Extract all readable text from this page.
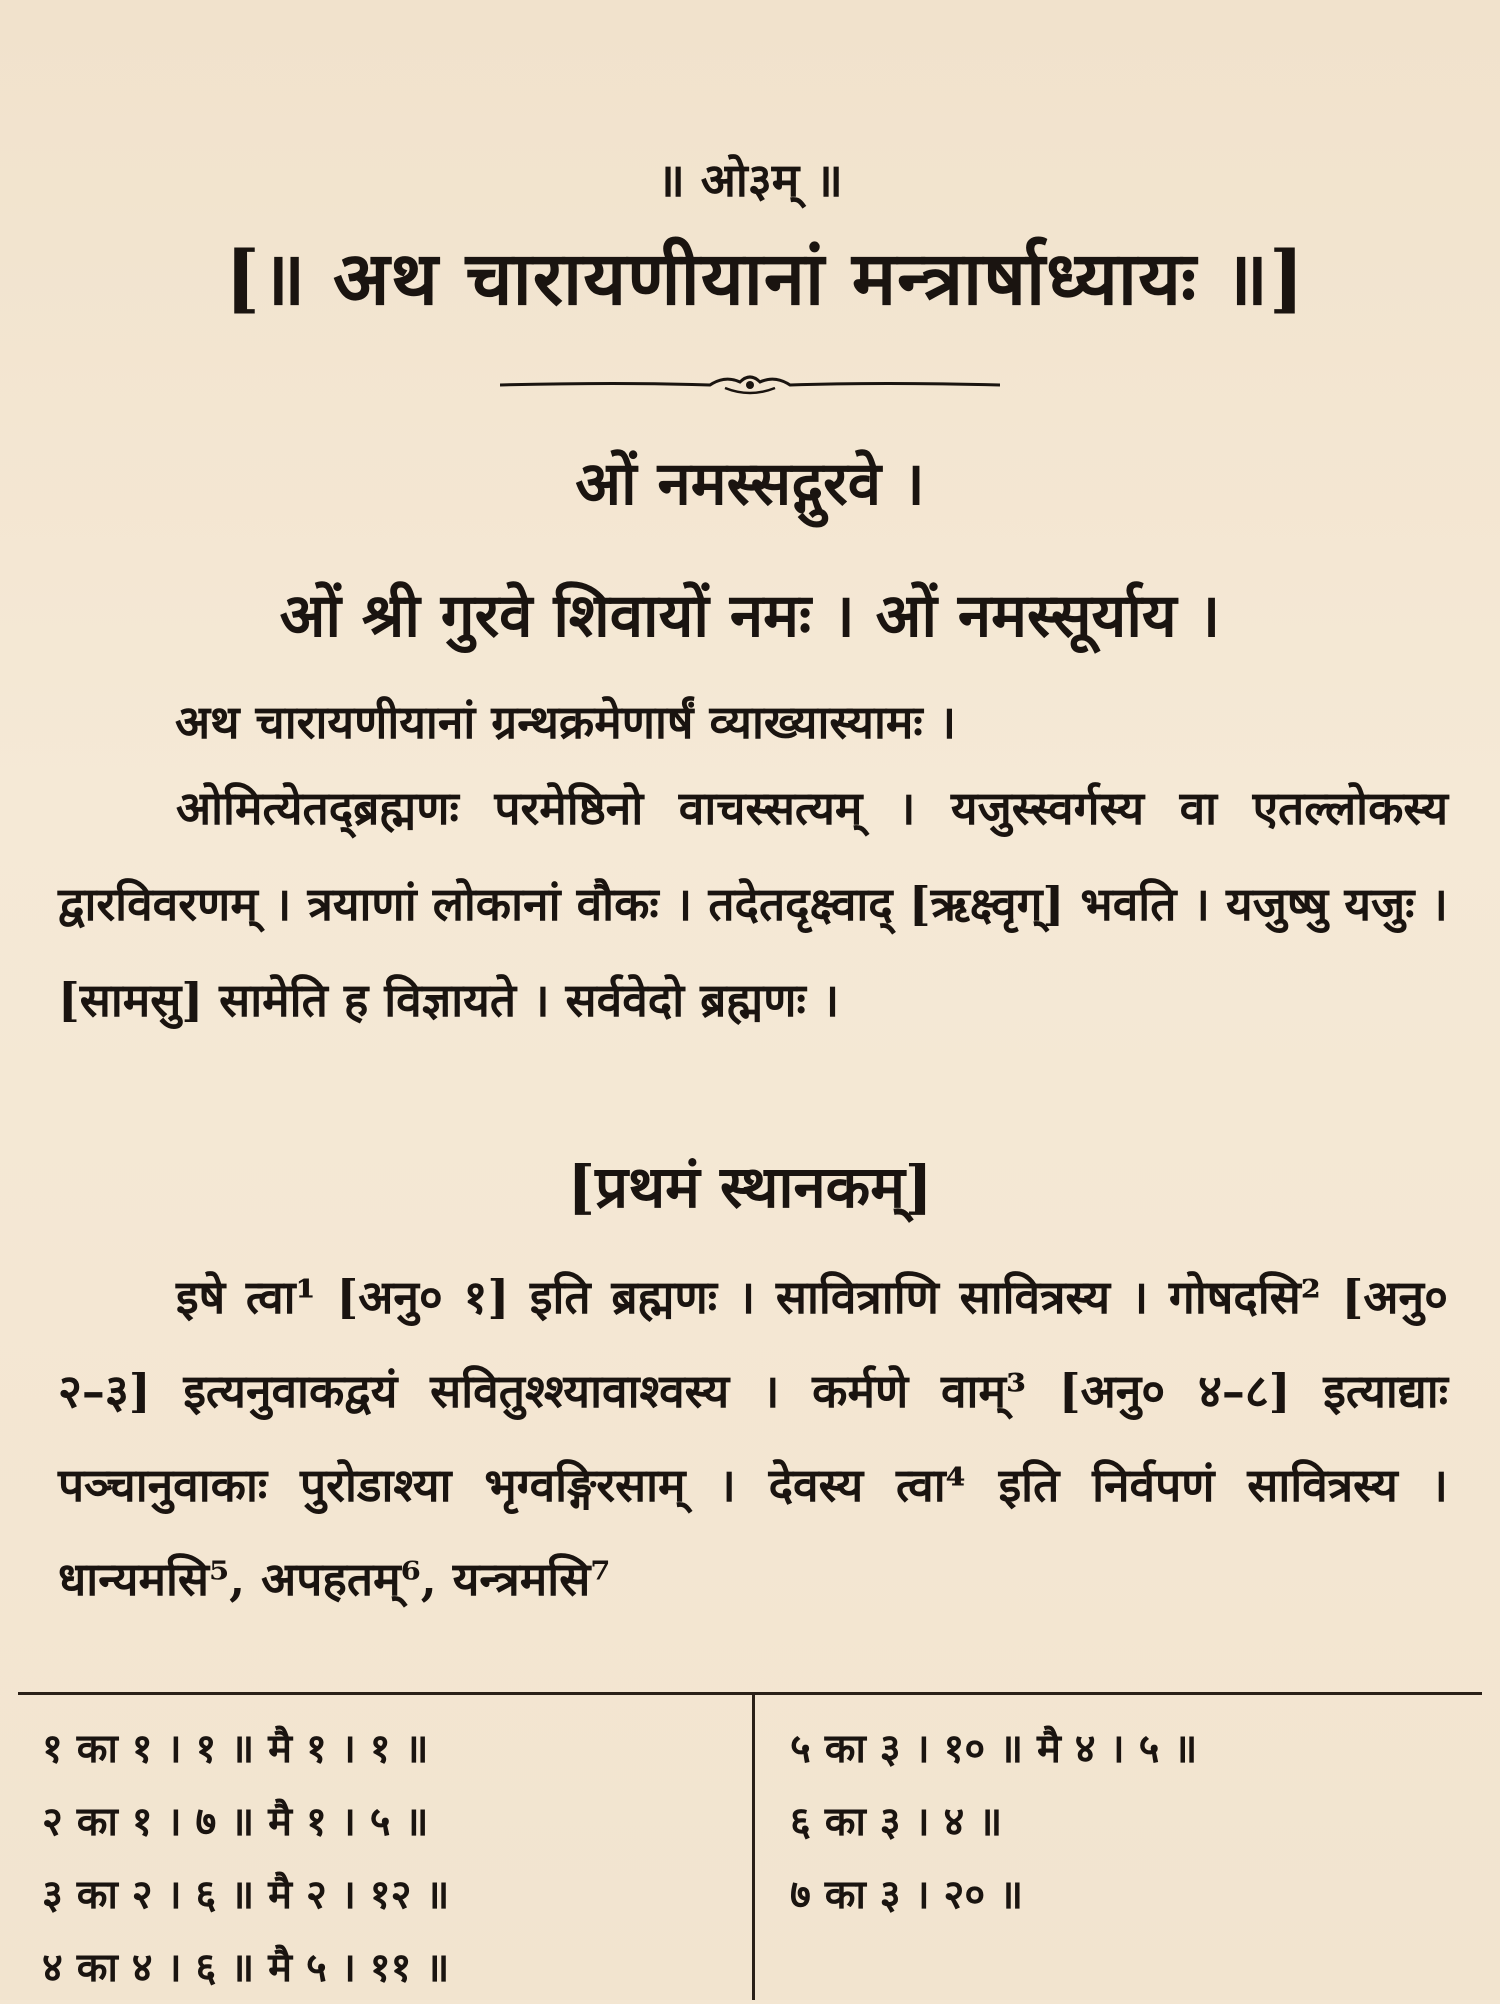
॥ ओ३म् ॥
[॥ अथ चारायणीयानां मन्त्रार्षाध्यायः ॥]
ओं नमस्सद्गुरवे ।
ओं श्री गुरवे शिवायों नमः । ओं नमस्सूर्याय ।
अथ चारायणीयानां ग्रन्थक्रमेणार्षं व्याख्यास्यामः ।
ओमित्येतद्ब्रह्मणः परमेष्ठिनो वाचस्सत्यम् । यजुस्स्वर्गस्य वा एतल्लोकस्य द्वारविवरणम् । त्रयाणां लोकानां वौकः । तदेतदृक्ष्वाद् [ऋक्ष्वृग्] भवति । यजुष्षु यजुः । [सामसु] सामेति ह विज्ञायते । सर्ववेदो ब्रह्मणः ।
[प्रथमं स्थानकम्]
इषे त्वा¹ [अनु० १] इति ब्रह्मणः । सावित्राणि सावित्रस्य । गोषदसि² [अनु० २–३] इत्यनुवाकद्वयं सवितुश्श्यावाश्वस्य । कर्मणे वाम्³ [अनु० ४–८] इत्याद्याः पञ्चानुवाकाः पुरोडाश्या भृग्वङ्गिरसाम् । देवस्य त्वा⁴ इति निर्वपणं सावित्रस्य । धान्यमसि⁵, अपहतम्⁶, यन्त्रमसि⁷
१ का १ । १ ॥ मै १ । १ ॥
२ का १ । ७ ॥ मै १ । ५ ॥
३ का २ । ६ ॥ मै २ । १२ ॥
४ का ४ । ६ ॥ मै ५ । ११ ॥
५ का ३ । १० ॥ मै ४ । ५ ॥
६ का ३ । ४ ॥
७ का ३ । २० ॥
